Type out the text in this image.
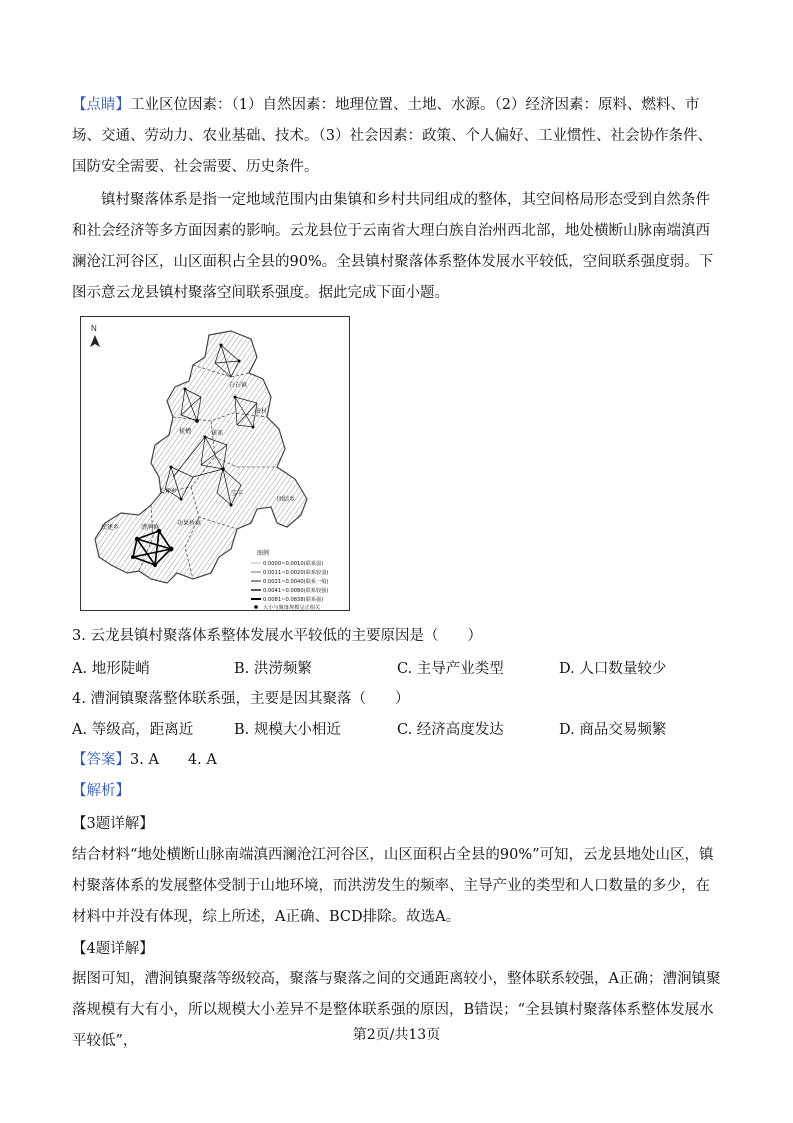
【点睛】工业区位因素：（1）自然因素：地理位置、土地、水源。（2）经济因素：原料、燃料、市场、交通、劳动力、农业基础、技术。（3）社会因素：政策、个人偏好、工业惯性、社会协作条件、国防安全需要、社会需要、历史条件。

镇村聚落体系是指一定地域范围内由集镇和乡村共同组成的整体，其空间格局形态受到自然条件和社会经济等多方面因素的影响。云龙县位于云南省大理白族自治州西北部，地处横断山脉南端滇西澜沧江河谷区，山区面积占全县的90%。全县镇村聚落体系整体发展水平较低，空间联系强度弱。下图示意云龙县镇村聚落空间联系强度。据此完成下面小题。

N
白石镇
检槽
表村
诺邓
团结乡
宝丰
关坪乡
民建乡	漕涧镇
功果桥镇
图例
0.0000~0.0010(联系弱)
0.0011~0.0020(联系较弱)
0.0021~0.0040(联系一般)
0.0041~0.0080(联系较强)
0.0081~0.0838(联系强)
大小与聚落规模呈正相关

3. 云龙县镇村聚落体系整体发展水平较低的主要原因是（　　）

A. 地形陡峭	B. 洪涝频繁	C. 主导产业类型	D. 人口数量较少

4. 漕涧镇聚落整体联系强，主要是因其聚落（　　）

A. 等级高，距离近	B. 规模大小相近	C. 经济高度发达	D. 商品交易频繁

【答案】3. A　　4. A

【解析】

【3题详解】

结合材料“地处横断山脉南端滇西澜沧江河谷区，山区面积占全县的90%”可知，云龙县地处山区，镇村聚落体系的发展整体受制于山地环境，而洪涝发生的频率、主导产业的类型和人口数量的多少，在材料中并没有体现，综上所述，A正确、BCD排除。故选A。

【4题详解】

据图可知，漕涧镇聚落等级较高，聚落与聚落之间的交通距离较小，整体联系较强，A正确；漕涧镇聚落规模有大有小，所以规模大小差异不是整体联系强的原因，B错误；“全县镇村聚落体系整体发展水平较低”，	第2页/共13页
